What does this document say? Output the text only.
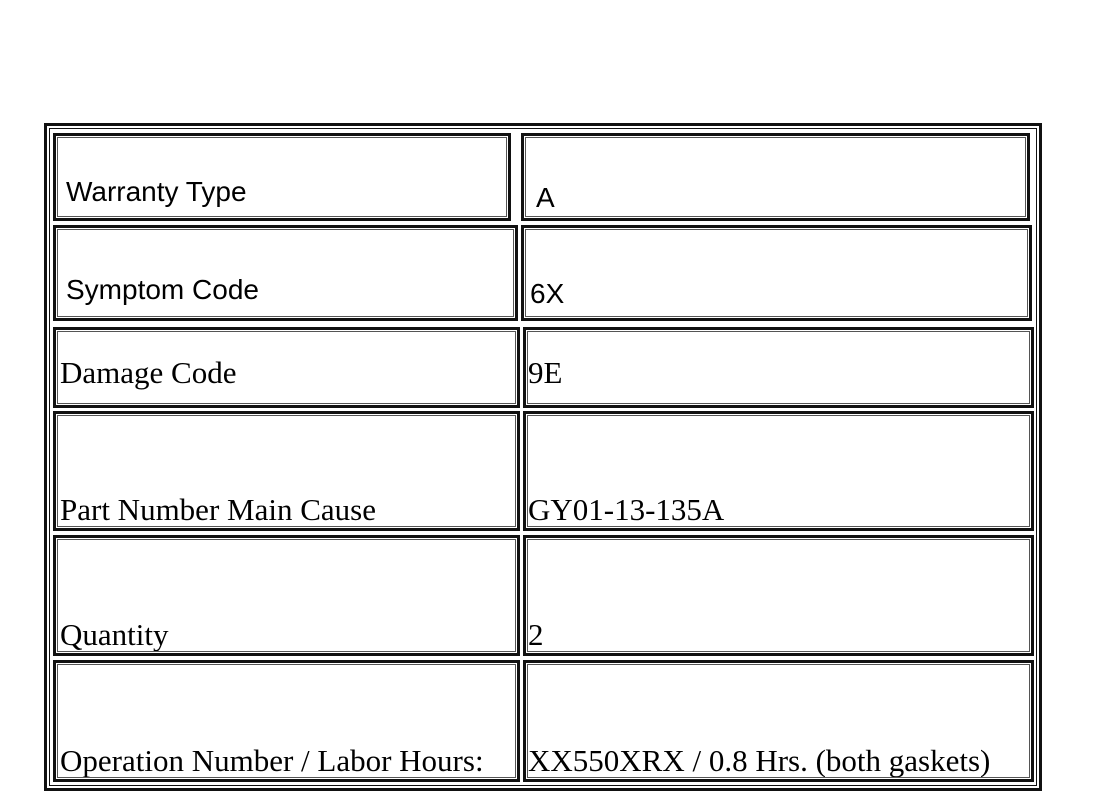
Warranty Type	A
Symptom Code	6X
Damage Code	9E
Part Number Main Cause	GY01-13-135A
Quantity	2
Operation Number / Labor Hours: XX550XRX / 0.8 Hrs. (both gaskets)
